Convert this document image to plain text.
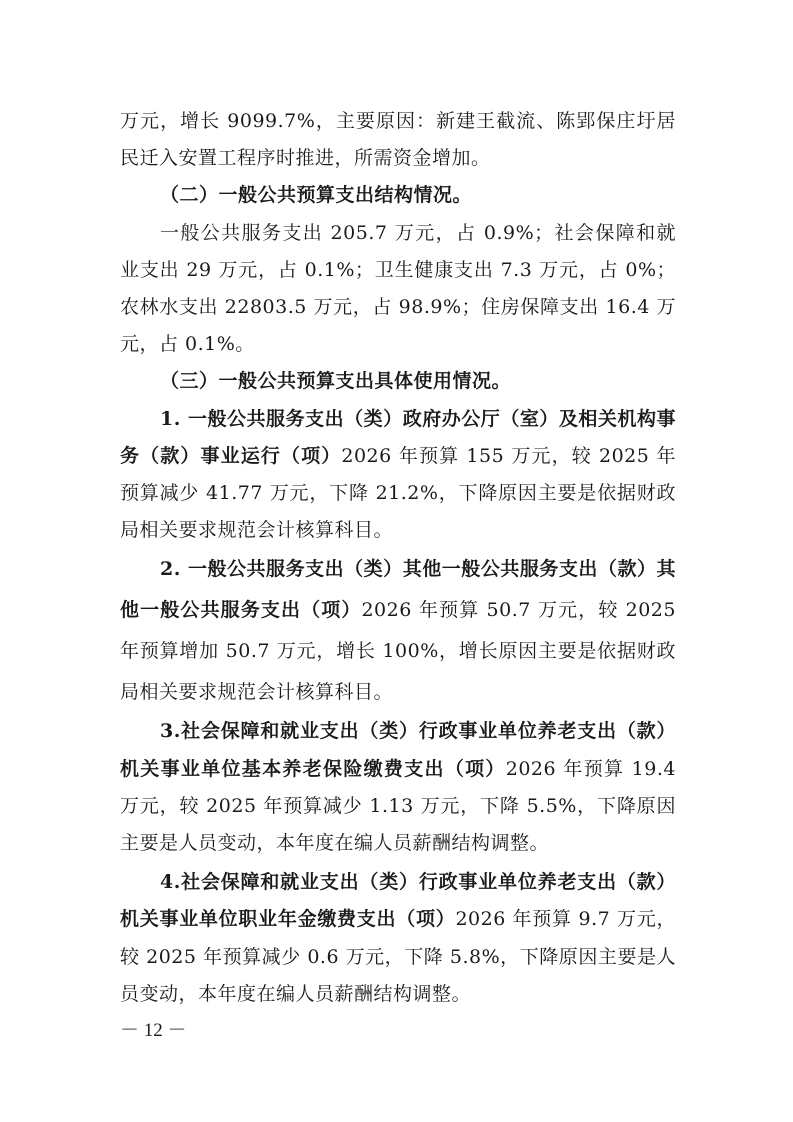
万元，增长 9099.7%，主要原因：新建王截流、陈郢保庄圩居民迁入安置工程序时推进，所需资金增加。

（二）一般公共预算支出结构情况。

一般公共服务支出 205.7 万元，占 0.9%；社会保障和就业支出 29 万元，占 0.1%；卫生健康支出 7.3 万元，占 0%；农林水支出 22803.5 万元，占 98.9%；住房保障支出 16.4 万元，占 0.1%。

（三）一般公共预算支出具体使用情况。

1. 一般公共服务支出（类）政府办公厅（室）及相关机构事务（款）事业运行（项）2026 年预算 155 万元，较 2025 年预算减少 41.77 万元，下降 21.2%，下降原因主要是依据财政局相关要求规范会计核算科目。

2. 一般公共服务支出（类）其他一般公共服务支出（款）其他一般公共服务支出（项）2026 年预算 50.7 万元，较 2025 年预算增加 50.7 万元，增长 100%，增长原因主要是依据财政局相关要求规范会计核算科目。

3.社会保障和就业支出（类）行政事业单位养老支出（款）机关事业单位基本养老保险缴费支出（项）2026 年预算 19.4 万元，较 2025 年预算减少 1.13 万元，下降 5.5%，下降原因主要是人员变动，本年度在编人员薪酬结构调整。

4.社会保障和就业支出（类）行政事业单位养老支出（款）机关事业单位职业年金缴费支出（项）2026 年预算 9.7 万元，较 2025 年预算减少 0.6 万元，下降 5.8%，下降原因主要是人员变动，本年度在编人员薪酬结构调整。

－ 12 －
